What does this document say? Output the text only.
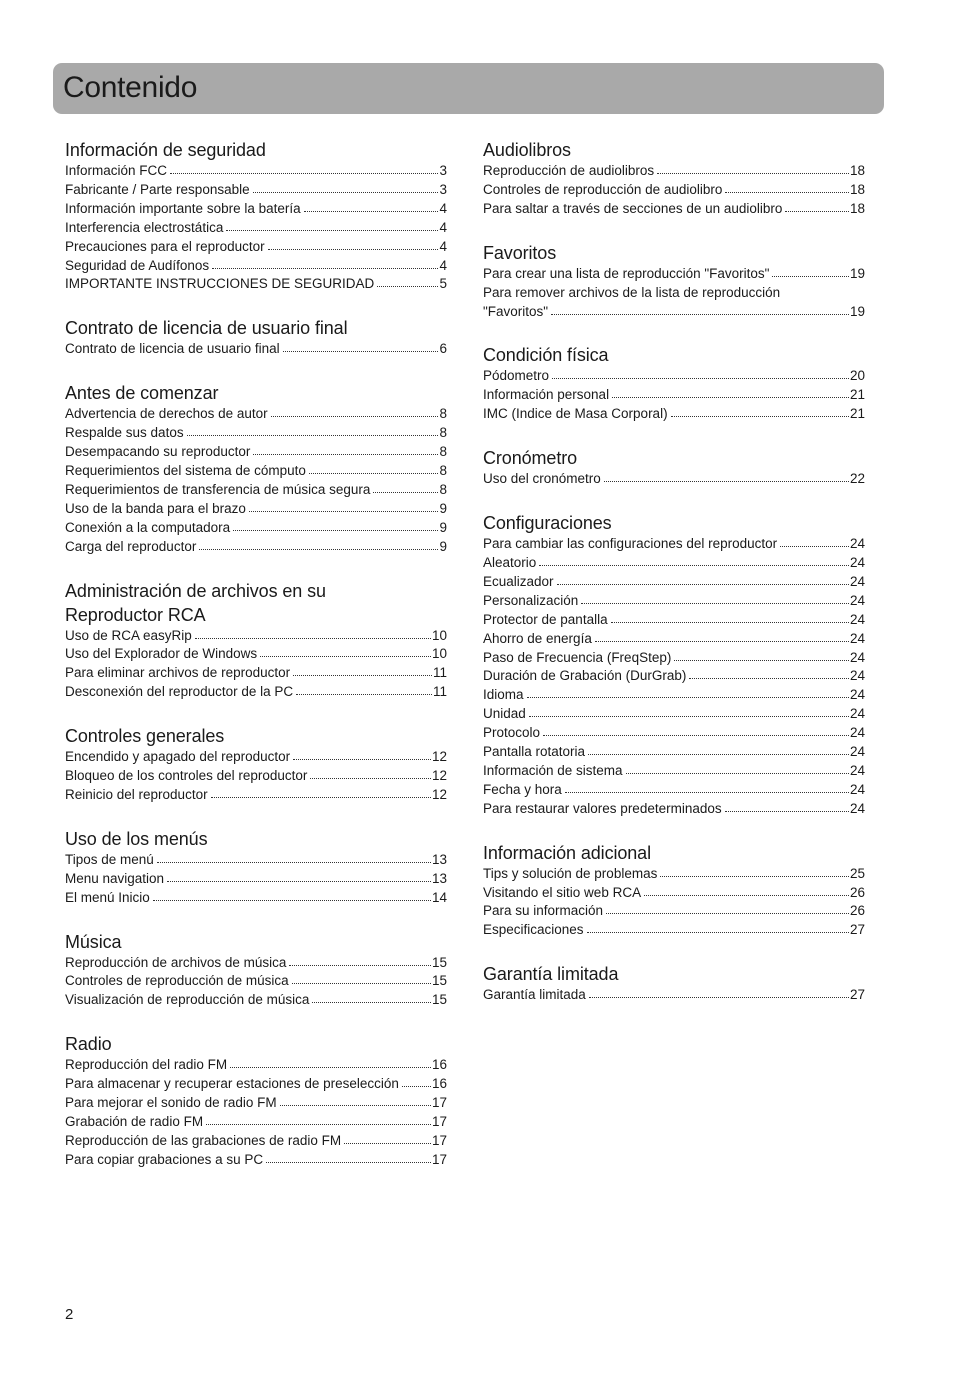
Contenido
Información de seguridad
Información FCC	3
Fabricante / Parte responsable	3
Información importante sobre la batería	4
Interferencia electrostática	4
Precauciones para el reproductor	4
Seguridad de Audífonos	4
IMPORTANTE INSTRUCCIONES DE SEGURIDAD	5
Contrato de licencia de usuario final
Contrato de licencia de usuario final	6
Antes de comenzar
Advertencia de derechos de autor	8
Respalde sus datos	8
Desempacando su reproductor	8
Requerimientos del sistema de cómputo	8
Requerimientos de transferencia de música segura	8
Uso de la banda para el brazo	9
Conexión a la computadora	9
Carga del reproductor	9
Administración de archivos en su
Reproductor RCA
Uso de RCA easyRip	10
Uso del Explorador de Windows	10
Para eliminar archivos de reproductor	11
Desconexión del reproductor de la PC	11
Controles generales
Encendido y apagado del reproductor	12
Bloqueo de los controles del reproductor	12
Reinicio del reproductor	12
Uso de los menús
Tipos de menú	13
Menu navigation	13
El menú Inicio	14
Música
Reproducción de archivos de música	15
Controles de reproducción de música	15
Visualización de reproducción de música	15
Radio
Reproducción del radio FM	16
Para almacenar y recuperar estaciones de preselección 16
Para mejorar el sonido de radio FM	17
Grabación de radio FM	17
Reproducción de las grabaciones de radio FM	17
Para copiar grabaciones a su PC	17
Audiolibros
Reproducción de audiolibros	18
Controles de reproducción de audiolibro	18
Para saltar a través de secciones de un audiolibro	18
Favoritos
Para crear una lista de reproducción "Favoritos"	19
Para remover archivos de la lista de reproducción
"Favoritos"	19
Condición física
Pódometro	20
Información personal	21
IMC (Indice de Masa Corporal)	21
Cronómetro
Uso del cronómetro	22
Configuraciones
Para cambiar las configuraciones del reproductor	24
Aleatorio	24
Ecualizador	24
Personalización	24
Protector de pantalla	24
Ahorro de energía	24
Paso de Frecuencia (FreqStep)	24
Duración de Grabación (DurGrab)	24
Idioma	24
Unidad	24
Protocolo	24
Pantalla rotatoria	24
Información de sistema	24
Fecha y hora	24
Para restaurar valores predeterminados	24
Información adicional
Tips y solución de problemas	25
Visitando el sitio web RCA	26
Para su información	26
Especificaciones	27
Garantía limitada
Garantía limitada	27
2
